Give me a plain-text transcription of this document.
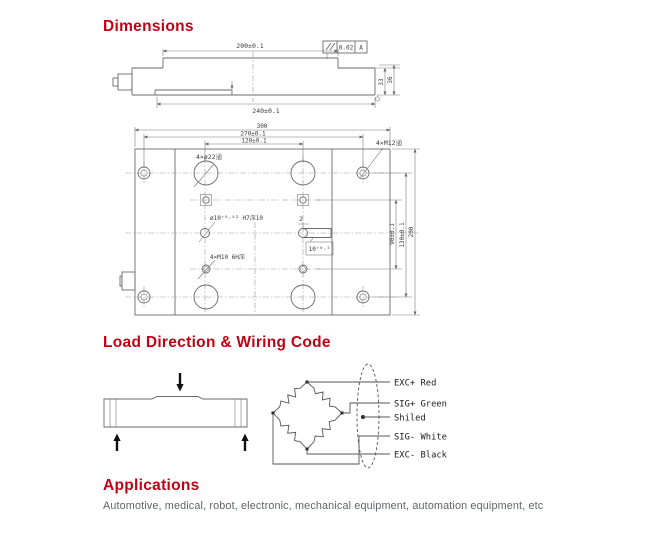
Dimensions
200±0.1
240±0.1
33 36
0.02 A
300
270±0.1
120±0.1
90±0.1 130±0.1 200
2
10⁺⁰·⁵
4×ø22通
4×M12通
ø10⁺⁰·⁰² H7深10
4×M10 6H深
Load Direction & Wiring Code
EXC+ Red
SIG+ Green
Shiled
SIG- White
EXC- Black
Applications
Automotive, medical, robot, electronic, mechanical equipment, automation equipment, etc
